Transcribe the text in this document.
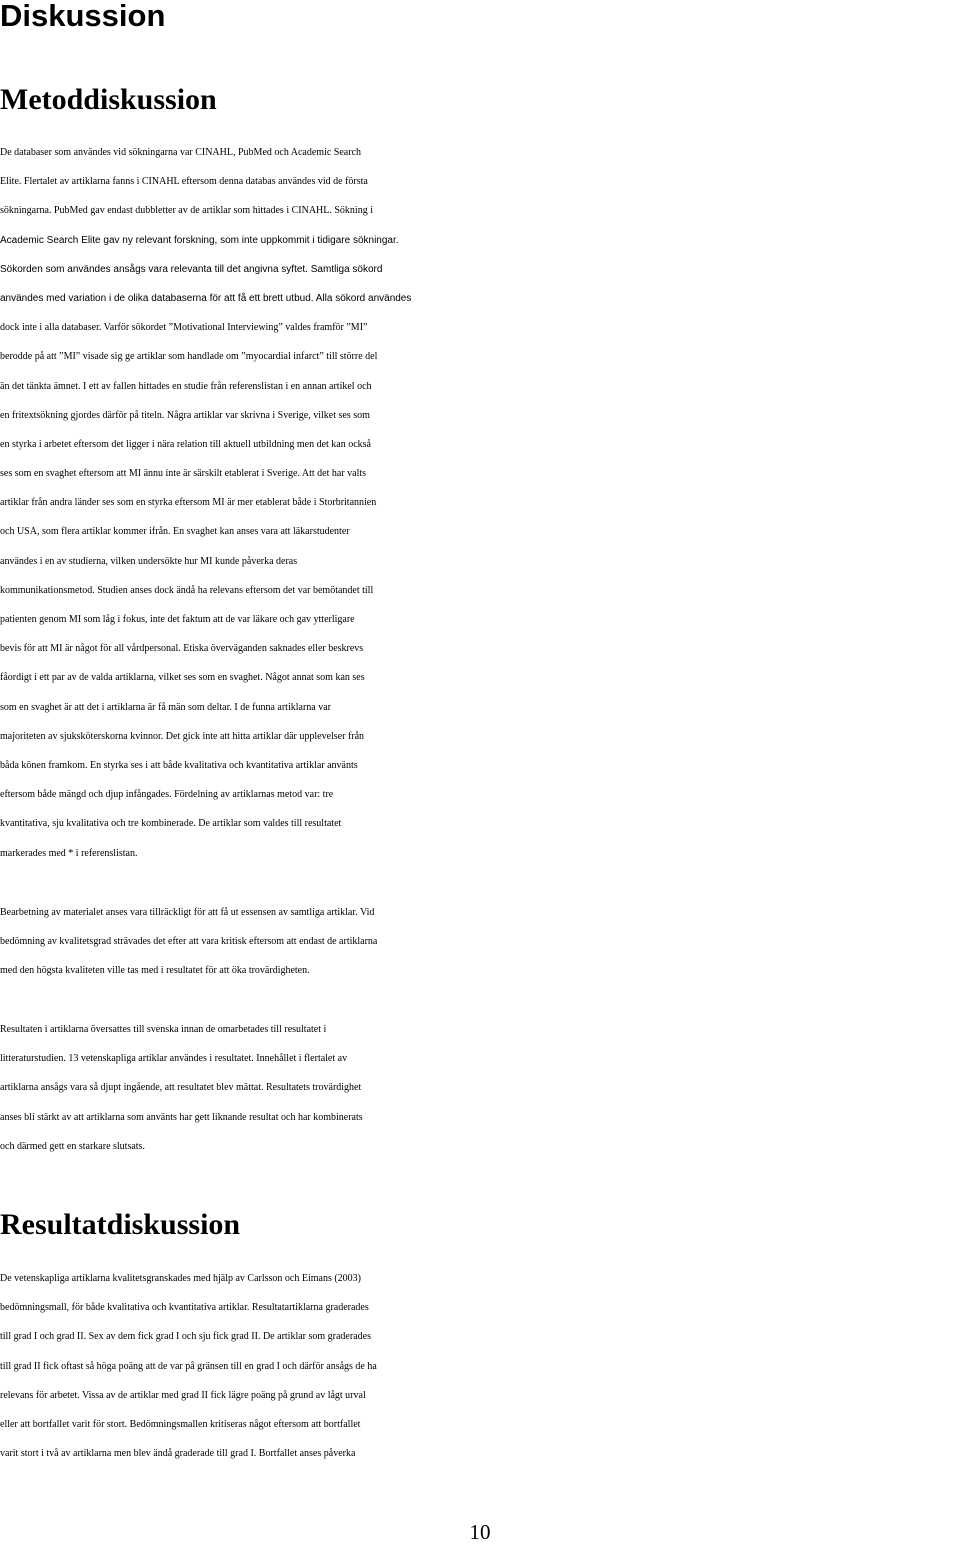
Diskussion
Metoddiskussion
De databaser som användes vid sökningarna var CINAHL, PubMed och Academic Search
Elite. Flertalet av artiklarna fanns i CINAHL eftersom denna databas användes vid de första
sökningarna. PubMed gav endast dubbletter av de artiklar som hittades i CINAHL. Sökning i
Academic Search Elite gav ny relevant forskning, som inte uppkommit i tidigare sökningar.
Sökorden som användes ansågs vara relevanta till det angivna syftet. Samtliga sökord
användes med variation i de olika databaserna för att få ett brett utbud. Alla sökord användes
dock inte i alla databaser. Varför sökordet ”Motivational Interviewing” valdes framför ”MI”
berodde på att ”MI” visade sig ge artiklar som handlade om ”myocardial infarct” till större del
än det tänkta ämnet. I ett av fallen hittades en studie från referenslistan i en annan artikel och
en fritextsökning gjordes därför på titeln. Några artiklar var skrivna i Sverige, vilket ses som
en styrka i arbetet eftersom det ligger i nära relation till aktuell utbildning men det kan också
ses som en svaghet eftersom att MI ännu inte är särskilt etablerat i Sverige. Att det har valts
artiklar från andra länder ses som en styrka eftersom MI är mer etablerat både i Storbritannien
och USA, som flera artiklar kommer ifrån. En svaghet kan anses vara att läkarstudenter
användes i en av studierna, vilken undersökte hur MI kunde påverka deras
kommunikationsmetod. Studien anses dock ändå ha relevans eftersom det var bemötandet till
patienten genom MI som låg i fokus, inte det faktum att de var läkare och gav ytterligare
bevis för att MI är något för all vårdpersonal. Etiska överväganden saknades eller beskrevs
fåordigt i ett par av de valda artiklarna, vilket ses som en svaghet. Något annat som kan ses
som en svaghet är att det i artiklarna är få män som deltar. I de funna artiklarna var
majoriteten av sjuksköterskorna kvinnor. Det gick inte att hitta artiklar där upplevelser från
båda könen framkom. En styrka ses i att både kvalitativa och kvantitativa artiklar använts
eftersom både mängd och djup infångades. Fördelning av artiklarnas metod var: tre
kvantitativa, sju kvalitativa och tre kombinerade. De artiklar som valdes till resultatet
markerades med * i referenslistan.
Bearbetning av materialet anses vara tillräckligt för att få ut essensen av samtliga artiklar. Vid
bedömning av kvalitetsgrad strävades det efter att vara kritisk eftersom att endast de artiklarna
med den högsta kvaliteten ville tas med i resultatet för att öka trovärdigheten.
Resultaten i artiklarna översattes till svenska innan de omarbetades till resultatet i
litteraturstudien. 13 vetenskapliga artiklar användes i resultatet. Innehållet i flertalet av
artiklarna ansågs vara så djupt ingående, att resultatet blev mättat. Resultatets trovärdighet
anses bli stärkt av att artiklarna som använts har gett liknande resultat och har kombinerats
och därmed gett en starkare slutsats.
Resultatdiskussion
De vetenskapliga artiklarna kvalitetsgranskades med hjälp av Carlsson och Eimans (2003)
bedömningsmall, för både kvalitativa och kvantitativa artiklar. Resultatartiklarna graderades
till grad I och grad II. Sex av dem fick grad I och sju fick grad II. De artiklar som graderades
till grad II fick oftast så höga poäng att de var på gränsen till en grad I och därför ansågs de ha
relevans för arbetet. Vissa av de artiklar med grad II fick lägre poäng på grund av lågt urval
eller att bortfallet varit för stort. Bedömningsmallen kritiseras något eftersom att bortfallet
varit stort i två av artiklarna men blev ändå graderade till grad I. Bortfallet anses påverka

10
